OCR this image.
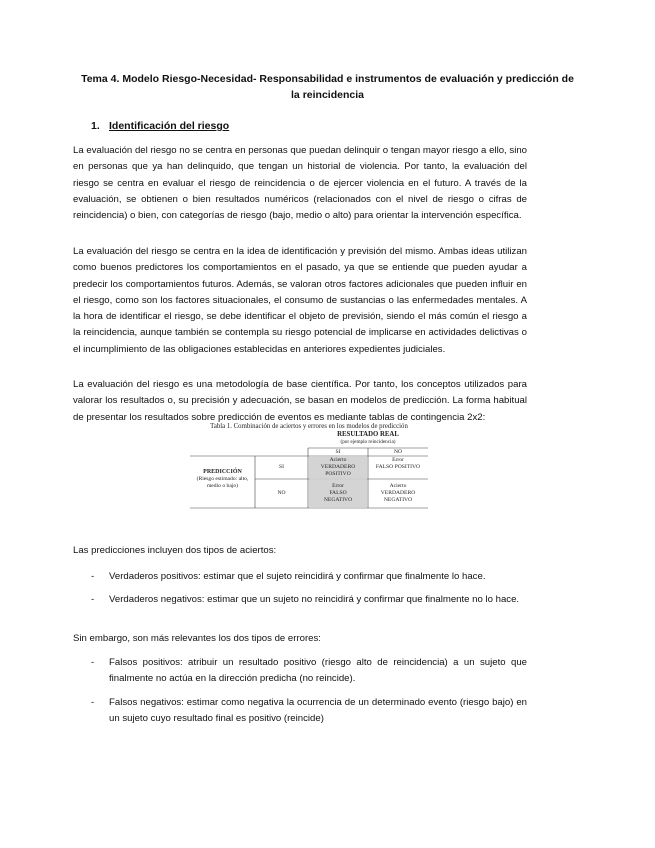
Tema 4. Modelo Riesgo-Necesidad- Responsabilidad e instrumentos de evaluación y predicción de
la reincidencia
1. Identificación del riesgo
La evaluación del riesgo no se centra en personas que puedan delinquir o tengan mayor riesgo a ello, sino en personas que ya han delinquido, que tengan un historial de violencia. Por tanto, la evaluación del riesgo se centra en evaluar el riesgo de reincidencia o de ejercer violencia en el futuro. A través de la evaluación, se obtienen o bien resultados numéricos (relacionados con el nivel de riesgo o cifras de reincidencia) o bien, con categorías de riesgo (bajo, medio o alto) para orientar la intervención específica.
La evaluación del riesgo se centra en la idea de identificación y previsión del mismo. Ambas ideas utilizan como buenos predictores los comportamientos en el pasado, ya que se entiende que pueden ayudar a predecir los comportamientos futuros. Además, se valoran otros factores adicionales que pueden influir en el riesgo, como son los factores situacionales, el consumo de sustancias o las enfermedades mentales. A la hora de identificar el riesgo, se debe identificar el objeto de previsión, siendo el más común el riesgo a la reincidencia, aunque también se contempla su riesgo potencial de implicarse en actividades delictivas o el incumplimiento de las obligaciones establecidas en anteriores expedientes judiciales.
La evaluación del riesgo es una metodología de base científica. Por tanto, los conceptos utilizados para valorar los resultados o, su precisión y adecuación, se basan en modelos de predicción. La forma habitual de presentar los resultados sobre predicción de eventos es mediante tablas de contingencia 2x2:
Tabla 1. Combinación de aciertos y errores en los modelos de predicción
RESULTADO REAL
(por ejemplo reincidencia)
SI	NO
PREDICCIÓN
(Riesgo estimado: alto, medio o bajo)
SI
NO
Acierto
VERDADERO
POSITIVO
Error
FALSO POSITIVO
Error
FALSO
NEGATIVO
Acierto
VERDADERO
NEGATIVO
Las predicciones incluyen dos tipos de aciertos:
- Verdaderos positivos: estimar que el sujeto reincidirá y confirmar que finalmente lo hace.
- Verdaderos negativos: estimar que un sujeto no reincidirá y confirmar que finalmente no lo hace.
Sin embargo, son más relevantes los dos tipos de errores:
- Falsos positivos: atribuir un resultado positivo (riesgo alto de reincidencia) a un sujeto que finalmente no actúa en la dirección predicha (no reincide).
- Falsos negativos: estimar como negativa la ocurrencia de un determinado evento (riesgo bajo) en un sujeto cuyo resultado final es positivo (reincide)
